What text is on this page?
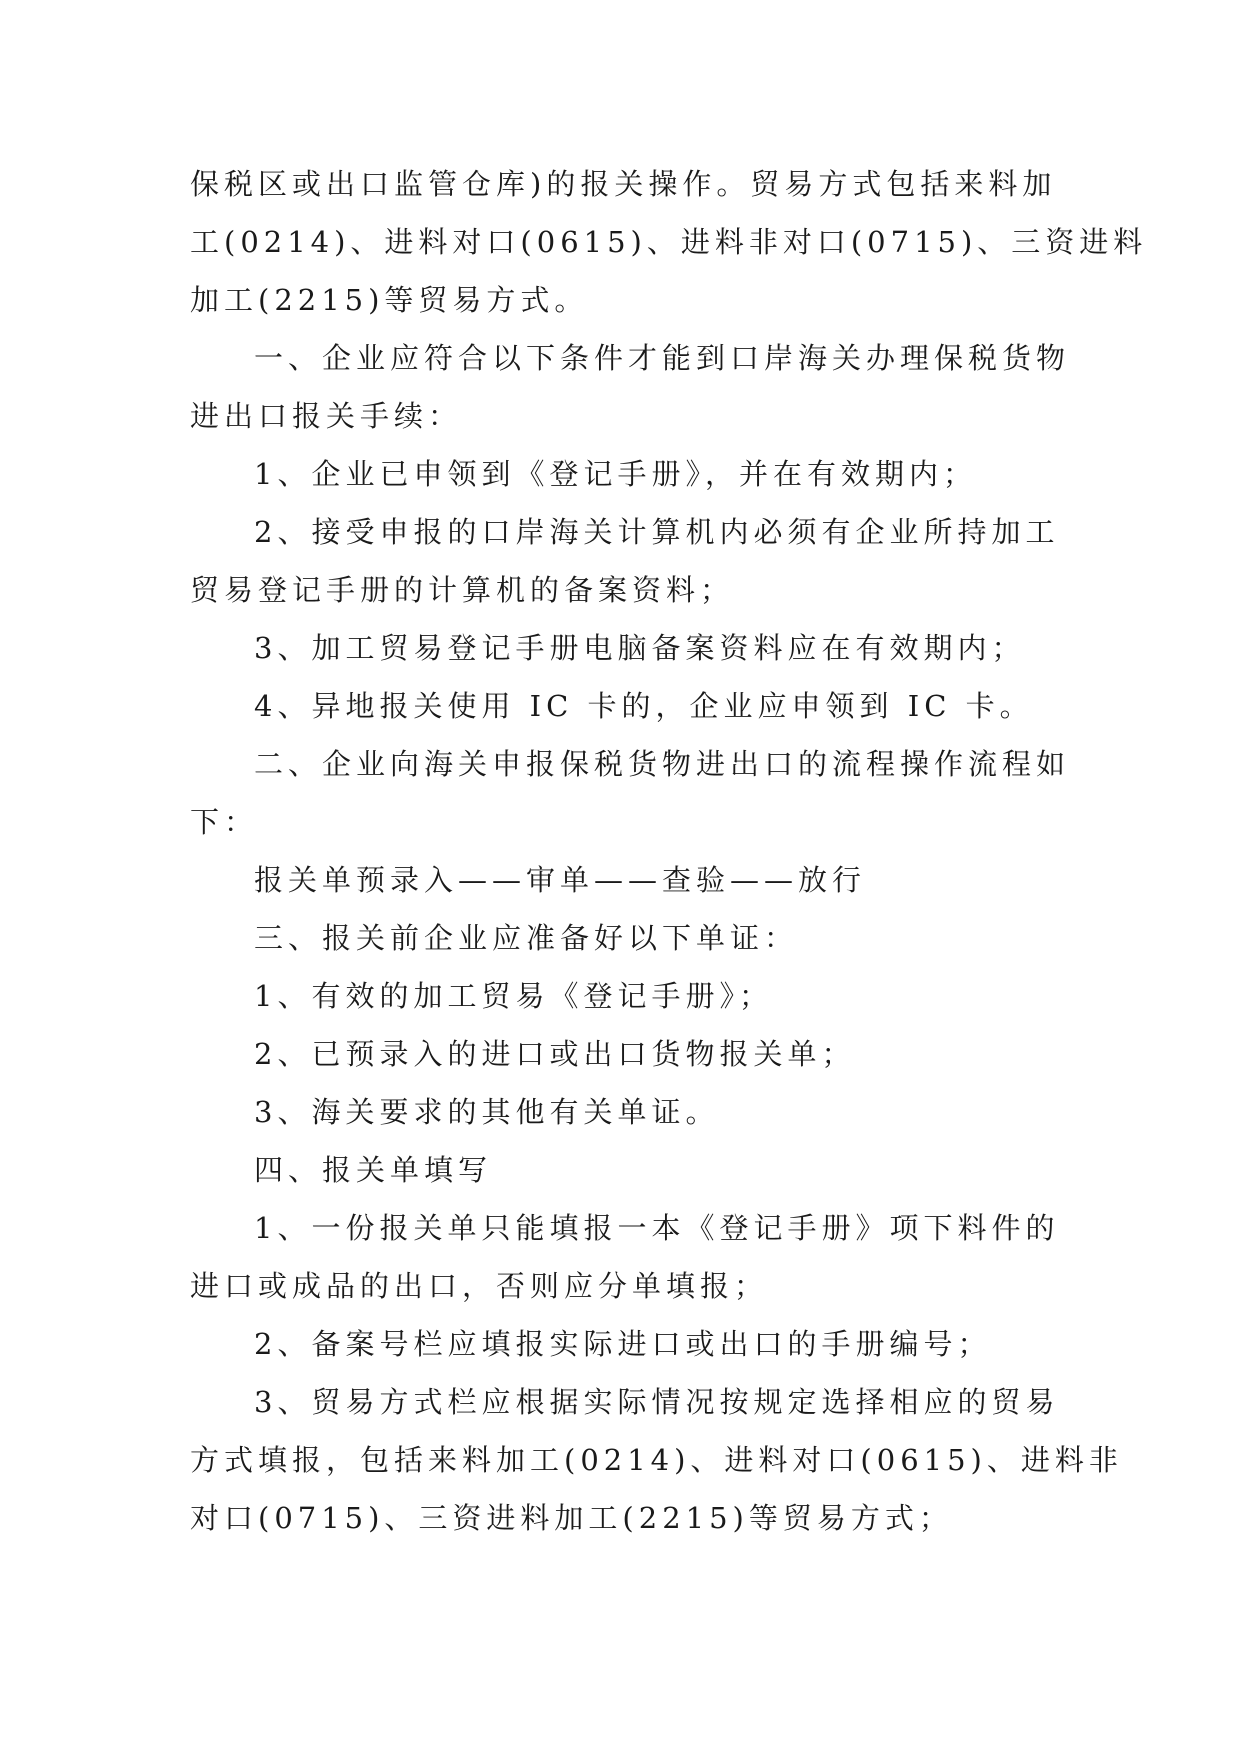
保税区或出口监管仓库)的报关操作。贸易方式包括来料加
工(0214)、进料对口(0615)、进料非对口(0715)、三资进料
加工(2215)等贸易方式。
一、企业应符合以下条件才能到口岸海关办理保税货物
进出口报关手续：
1、企业已申领到《登记手册》，并在有效期内；
2、接受申报的口岸海关计算机内必须有企业所持加工
贸易登记手册的计算机的备案资料；
3、加工贸易登记手册电脑备案资料应在有效期内；
4、异地报关使用 IC 卡的，企业应申领到 IC 卡。
二、企业向海关申报保税货物进出口的流程操作流程如
下：
报关单预录入——审单——查验——放行
三、报关前企业应准备好以下单证：
1、有效的加工贸易《登记手册》；
2、已预录入的进口或出口货物报关单；
3、海关要求的其他有关单证。
四、报关单填写
1、一份报关单只能填报一本《登记手册》项下料件的
进口或成品的出口，否则应分单填报；
2、备案号栏应填报实际进口或出口的手册编号；
3、贸易方式栏应根据实际情况按规定选择相应的贸易
方式填报，包括来料加工(0214)、进料对口(0615)、进料非
对口(0715)、三资进料加工(2215)等贸易方式；
